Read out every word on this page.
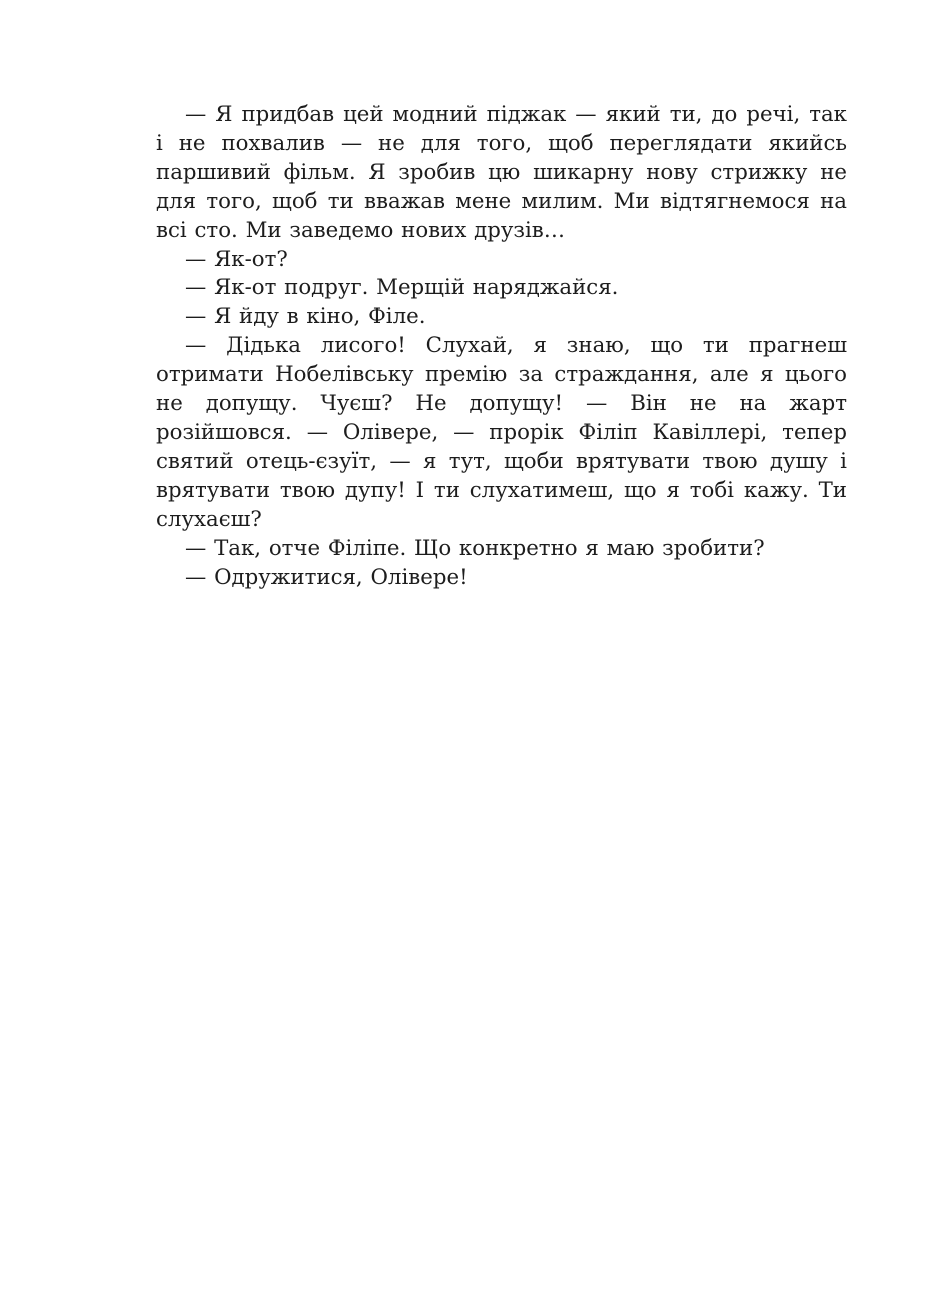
— Я придбав цей модний піджак — який ти, до речі, так і не похвалив — не для того, щоб переглядати якийсь паршивий фільм. Я зробив цю шикарну нову стрижку не для того, щоб ти вважав мене милим. Ми відтягнемося на всі сто. Ми заведемо нових друзів…

— Як-от?

— Як-от подруг. Мерщій наряджайся.

— Я йду в кіно, Філе.

— Дідька лисого! Слухай, я знаю, що ти прагнеш отримати Нобелівську премію за страждання, але я цього не допущу. Чуєш? Не допущу! — Він не на жарт розійшовся. — Олівере, — прорік Філіп Кавіллері, тепер святий отець-єзуїт, — я тут, щоби врятувати твою душу і врятувати твою дупу! І ти слухатимеш, що я тобі кажу. Ти слухаєш?

— Так, отче Філіпе. Що конкретно я маю зробити?

— Одружитися, Олівере!
